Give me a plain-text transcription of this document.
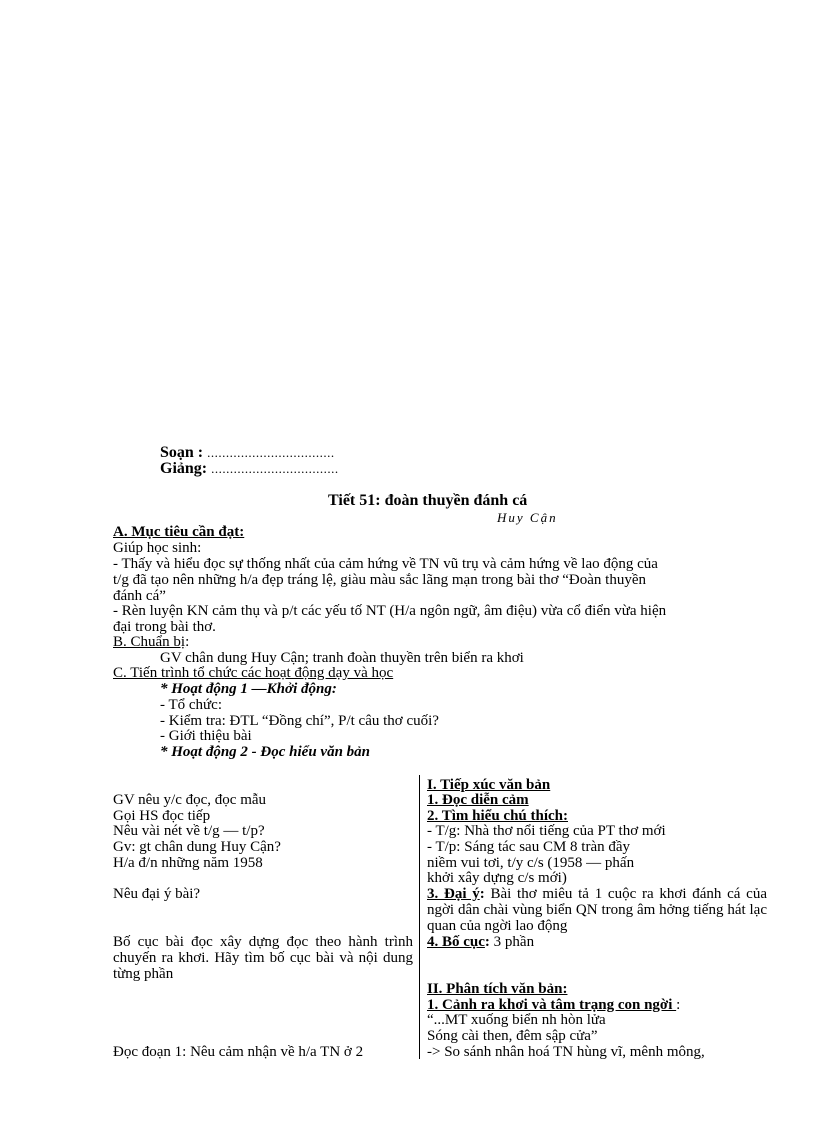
Soạn : ..................................
Giảng: ..................................
Tiết 51: đoàn thuyền đánh cá
Huy Cận
A. Mục tiêu cần đạt:
Giúp học sinh:
- Thấy và hiểu đọc sự thống nhất của cảm hứng về TN vũ trụ và cảm hứng về lao động của
t/g đã tạo nên những h/a đẹp tráng lệ, giàu màu sắc lãng mạn trong bài thơ “Đoàn thuyền
đánh cá”
- Rèn luyện KN cảm thụ và p/t các yếu tố NT (H/a ngôn ngữ, âm điệu) vừa cổ điển vừa hiện
đại trong bài thơ.
B. Chuẩn bị:
GV chân dung Huy Cận; tranh đoàn thuyền trên biển ra khơi
C. Tiến trình tổ chức các hoạt động dạy và học
* Hoạt động 1 —Khởi động:
- Tổ chức:
- Kiểm tra: ĐTL “Đồng chí”, P/t câu thơ cuối?
- Giới thiệu bài
* Hoạt động 2 - Đọc hiểu văn bản
GV nêu y/c đọc, đọc mẫu
Gọi HS đọc tiếp
Nêu vài nét về t/g — t/p?
Gv: gt chân dung Huy Cận?
H/a đ/n những năm 1958
Nêu đại ý bài?
Bố cục bài đọc xây dựng đọc theo hành trình chuyến ra khơi. Hãy tìm bố cục bài và nội dung từng phần
Đọc đoạn 1: Nêu cảm nhận về h/a TN ở 2
I. Tiếp xúc văn bản
1. Đọc diễn cảm
2. Tìm hiểu chú thích:
- T/g: Nhà thơ nổi tiếng của PT thơ mới
- T/p: Sáng tác sau CM 8 tràn đầy
niềm vui tơi, t/y c/s (1958 — phấn
khởi xây dựng c/s mới)
3. Đại ý: Bài thơ miêu tả 1 cuộc ra khơi đánh cá của ngời dân chài vùng biển QN trong âm hởng tiếng hát lạc quan của ngời lao động
4. Bố cục: 3 phần
II. Phân tích văn bản:
1. Cảnh ra khơi và tâm trạng con ngời :
“...MT xuống biển nh hòn lửa
Sóng cài then, đêm sập cửa”
-> So sánh nhân hoá TN hùng vĩ, mênh mông,
